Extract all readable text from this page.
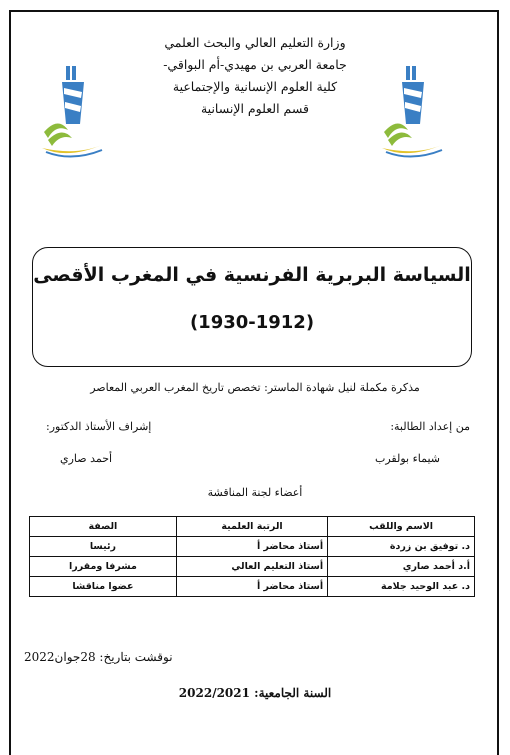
وزارة التعليم العالي والبحث العلمي
جامعة العربي بن مهيدي-أم البواقي-
كلية العلوم الإنسانية والإجتماعية
قسم العلوم الإنسانية
السياسة البربرية الفرنسية في المغرب الأقصى
(1930-1912)
مذكرة مكملة لنيل شهادة الماستر: تخصص تاريخ المغرب العربي المعاصر
من إعداد الطالبة:
شيماء بولقرب
إشراف الأستاذ الدكتور:
أحمد صاري
أعضاء لجنة المناقشة
الاسم واللقب	الرتبة العلمية	الصفة
د. توفيق بن زردة	أستاذ محاضر أ	رئيسا
أ.د أحمد صاري	أستاذ التعليم العالي	مشرفا ومقررا
د. عبد الوحيد جلامة	أستاذ محاضر أ	عضوا مناقشا
نوقشت بتاريخ: 28جوان2022
السنة الجامعية: 2022/2021
